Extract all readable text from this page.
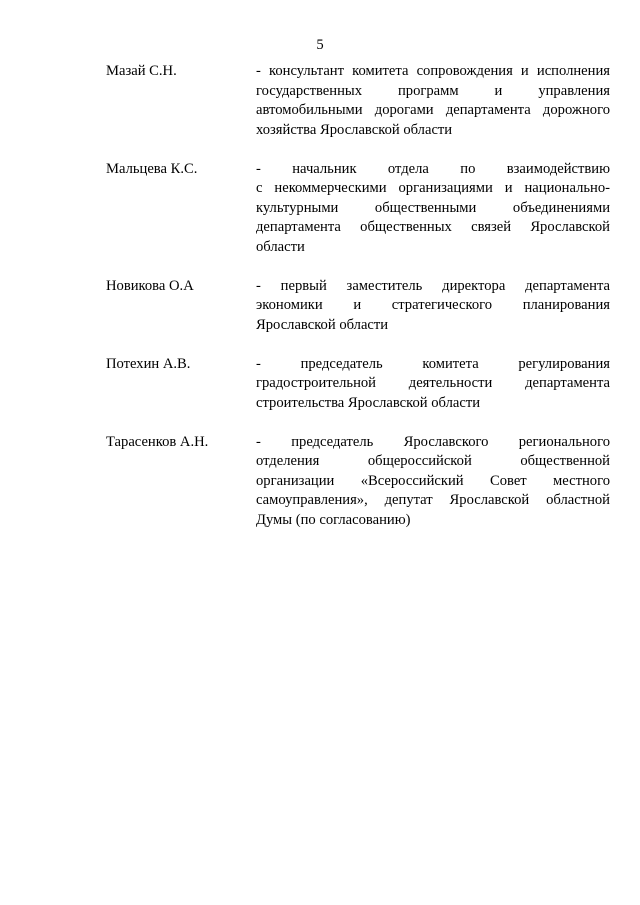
5
Мазай С.Н.	- консультант комитета сопровождения и исполнения
государственных программ и управления
автомобильными дорогами департамента дорожного
хозяйства Ярославской области
Мальцева К.С.	- начальник отдела по взаимодействию
с некоммерческими организациями и национально-
культурными общественными объединениями
департамента общественных связей Ярославской
области
Новикова О.А	- первый заместитель директора департамента
экономики и стратегического планирования
Ярославской области
Потехин А.В.	- председатель комитета регулирования
градостроительной деятельности департамента
строительства Ярославской области
Тарасенков А.Н.	- председатель Ярославского регионального
отделения общероссийской общественной
организации «Всероссийский Совет местного
самоуправления», депутат Ярославской областной
Думы (по согласованию)
